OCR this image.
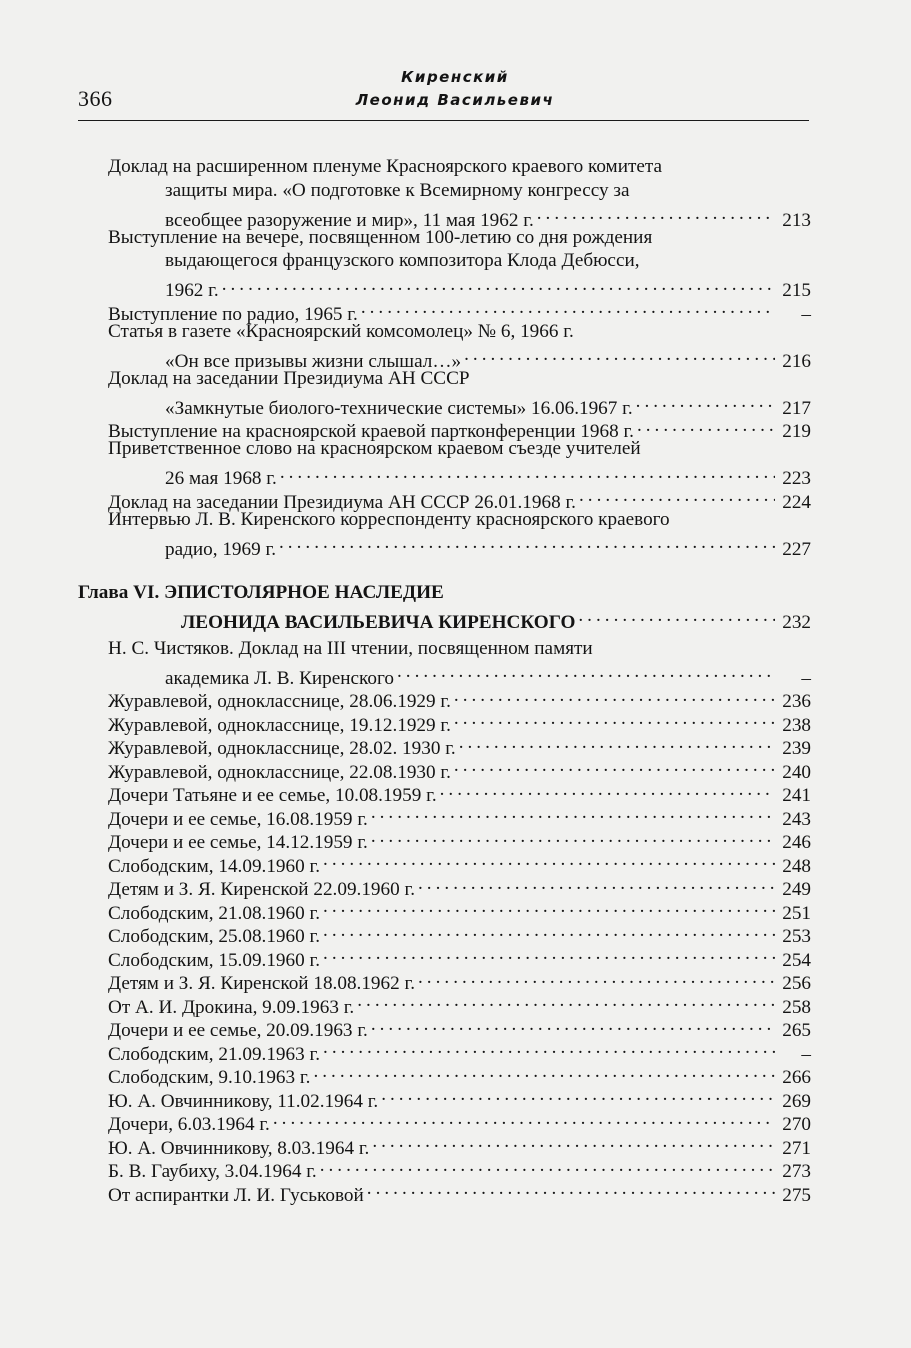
366
Киренский
Леонид Васильевич
Доклад на расширенном пленуме Красноярского краевого комитета
защиты мира. «О подготовке к Всемирному конгрессу за
всеобщее разоружение и мир», 11 мая 1962 г. . . .	213
Выступление на вечере, посвященном 100-летию со дня рождения
выдающегося французского композитора Клода Дебюсси,
1962 г. . . .	215
Выступление по радио, 1965 г. . . .	–
Статья в газете «Красноярский комсомолец» № 6, 1966 г.
«Он все призывы жизни слышал…» . . .	216
Доклад на заседании Президиума АН СССР
«Замкнутые биолого-технические системы» 16.06.1967 г. . . .	217
Выступление на красноярской краевой партконференции 1968 г. . . .	219
Приветственное слово на красноярском краевом съезде учителей
26 мая 1968 г. . . .	223
Доклад на заседании Президиума АН СССР 26.01.1968 г. . . .	224
Интервью Л. В. Киренского корреспонденту красноярского краевого
радио, 1969 г. . . .	227
Глава VI. ЭПИСТОЛЯРНОЕ НАСЛЕДИЕ
ЛЕОНИДА ВАСИЛЬЕВИЧА КИРЕНСКОГО . . .	232
Н. С. Чистяков. Доклад на III чтении, посвященном памяти
академика Л. В. Киренского . . .	–
Журавлевой, однокласснице, 28.06.1929 г. . . .	236
Журавлевой, однокласснице, 19.12.1929 г. . . .	238
Журавлевой, однокласснице, 28.02. 1930 г. . . .	239
Журавлевой, однокласснице, 22.08.1930 г. . . .	240
Дочери Татьяне и ее семье, 10.08.1959 г. . . .	241
Дочери и ее семье, 16.08.1959 г. . . .	243
Дочери и ее семье, 14.12.1959 г. . . .	246
Слободским, 14.09.1960 г. . . .	248
Детям и З. Я. Киренской 22.09.1960 г. . . .	249
Слободским, 21.08.1960 г. . . .	251
Слободским, 25.08.1960 г. . . .	253
Слободским, 15.09.1960 г. . . .	254
Детям и З. Я. Киренской 18.08.1962 г. . . .	256
От А. И. Дрокина, 9.09.1963 г. . . .	258
Дочери и ее семье, 20.09.1963 г. . . .	265
Слободским, 21.09.1963 г. . . .	–
Слободским, 9.10.1963 г. . . .	266
Ю. А. Овчинникову, 11.02.1964 г. . . .	269
Дочери, 6.03.1964 г. . . .	270
Ю. А. Овчинникову, 8.03.1964 г. . . .	271
Б. В. Гаубиху, 3.04.1964 г. . . .	273
От аспирантки Л. И. Гуськовой . . .	275
